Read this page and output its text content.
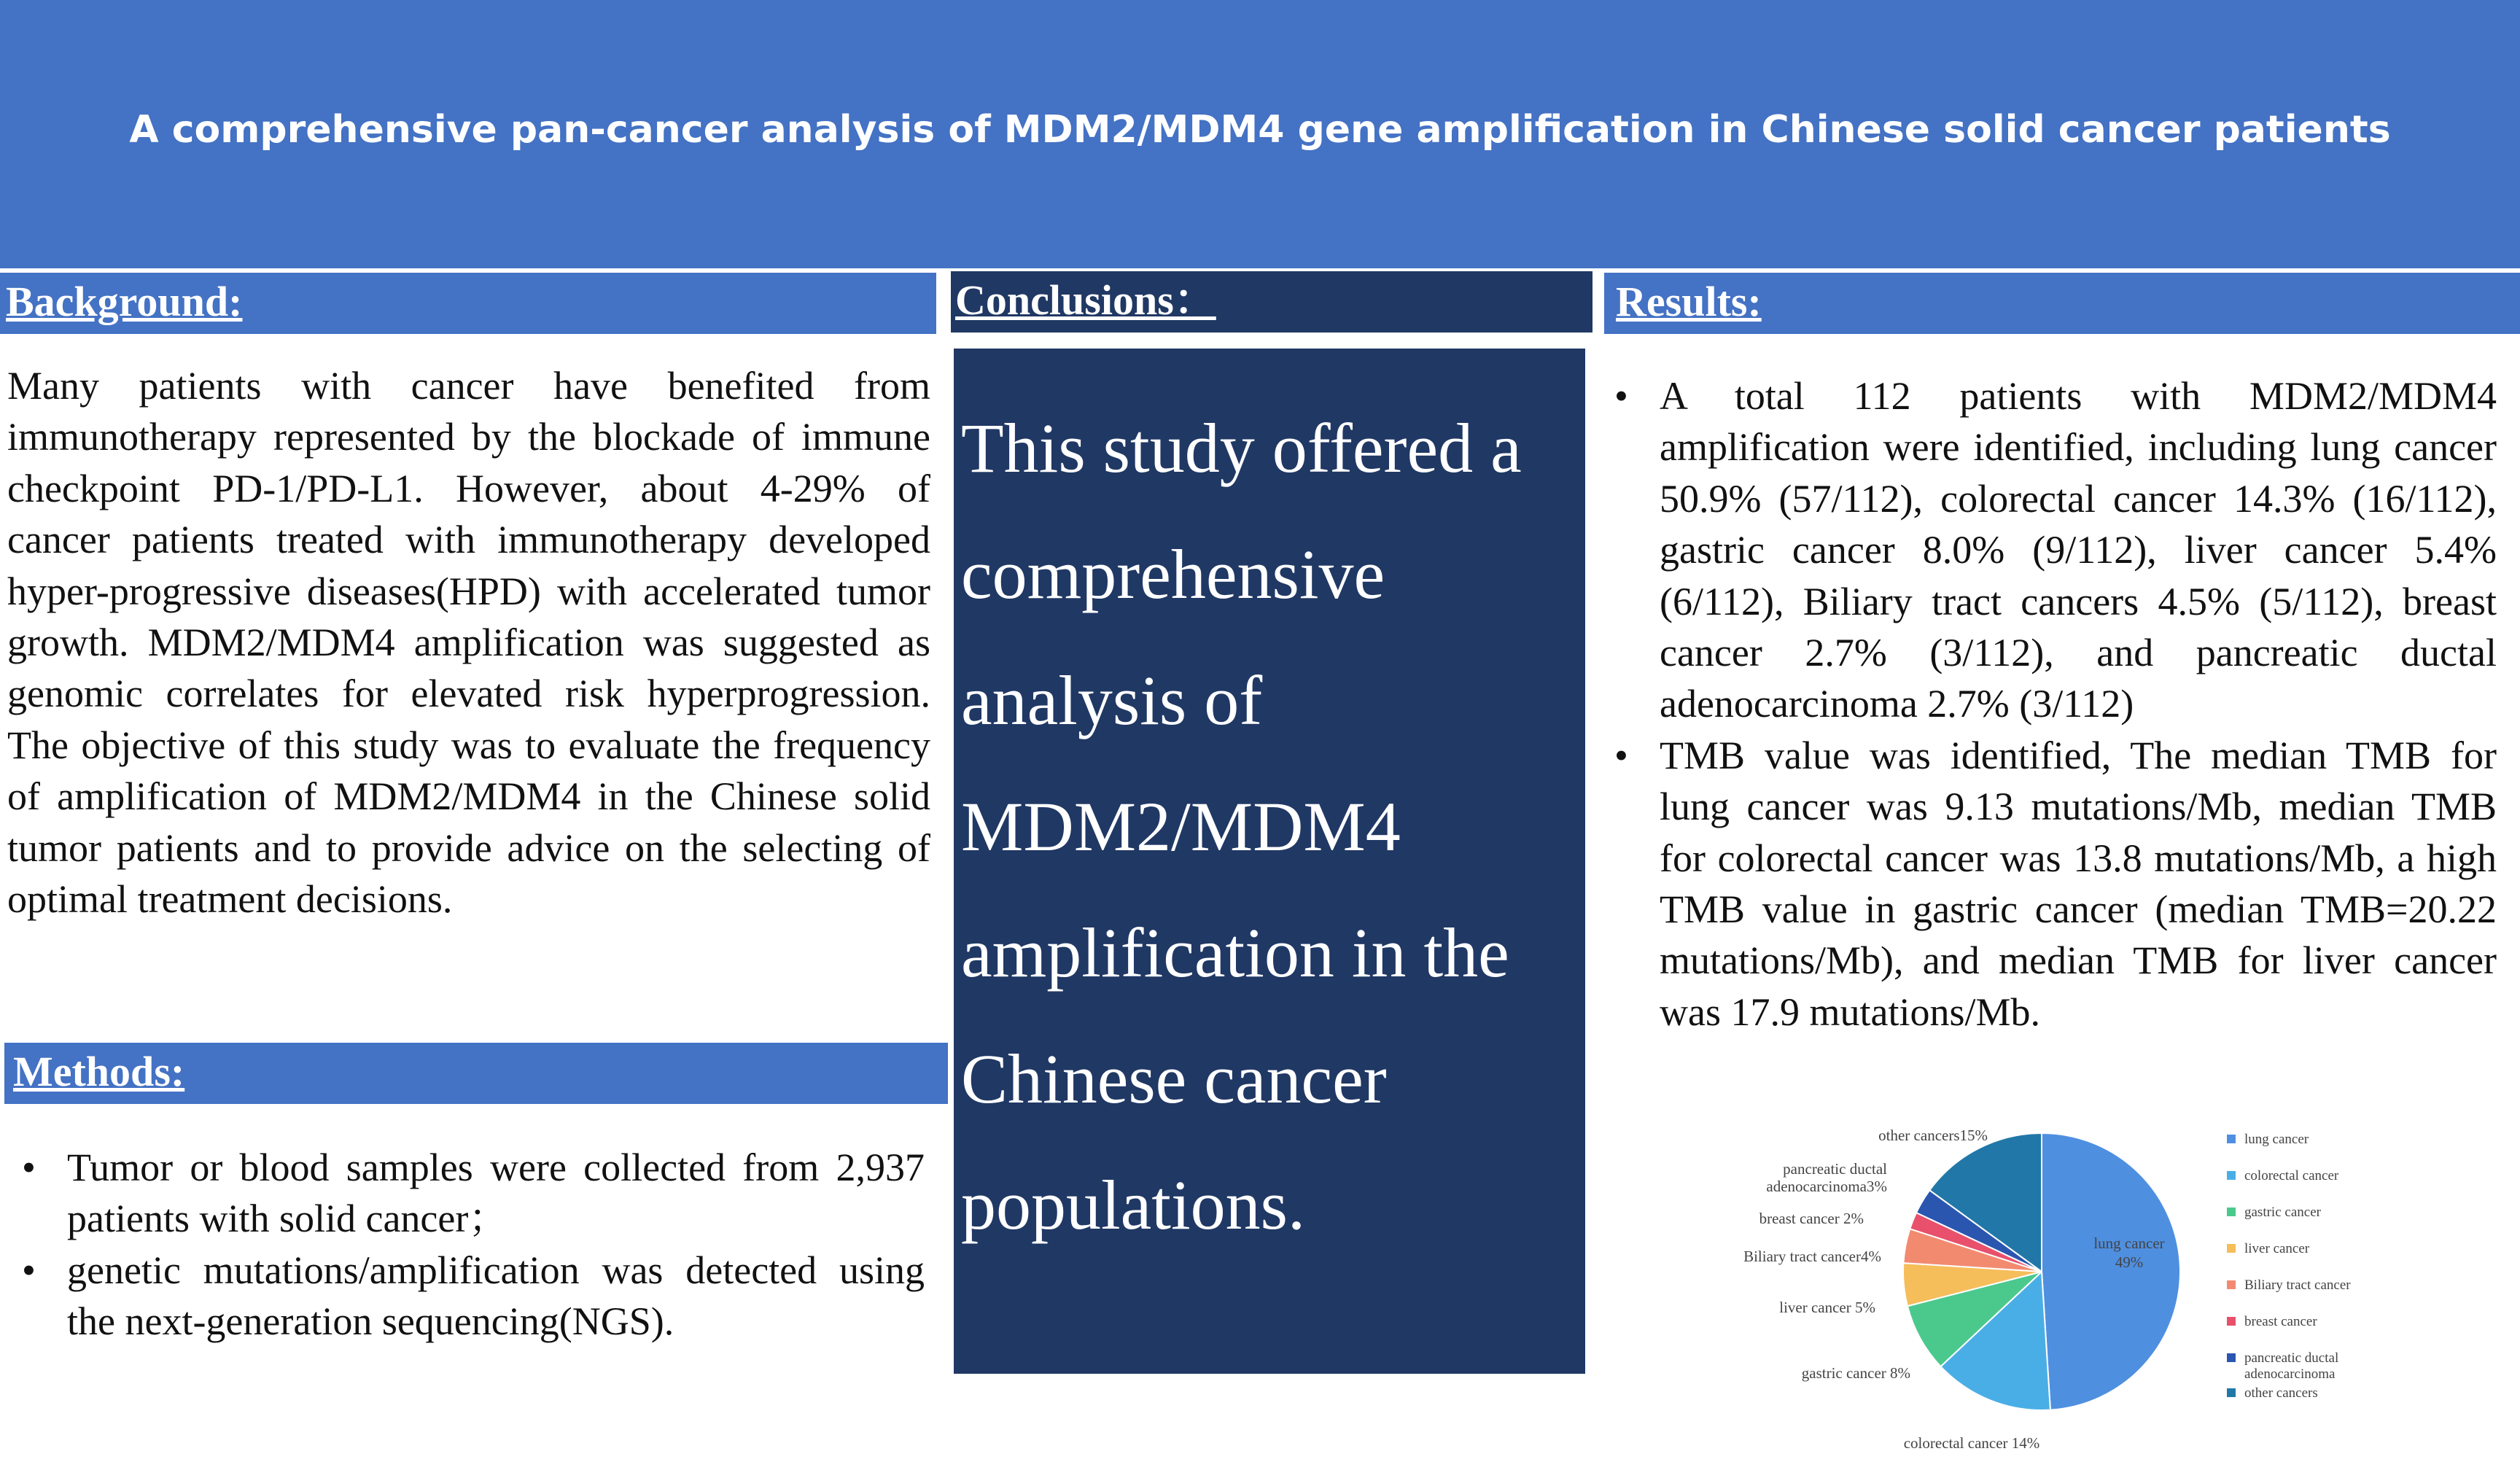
A comprehensive pan-cancer analysis of MDM2/MDM4 gene amplification in Chinese solid cancer patients
Background:
Many patients with cancer have benefited from immunotherapy represented by the blockade of immune checkpoint PD-1/PD-L1. However, about 4-29% of cancer patients treated with immunotherapy developed hyper-progressive diseases(HPD) with accelerated tumor growth. MDM2/MDM4 amplification was suggested as genomic correlates for elevated risk hyperprogression. The objective of this study was to evaluate the frequency of amplification of MDM2/MDM4 in the Chinese solid tumor patients and to provide advice on the selecting of optimal treatment decisions.
Methods:
• Tumor or blood samples were collected from 2,937 patients with solid cancer；
• genetic mutations/amplification was detected using the next-generation sequencing(NGS).
Conclusions：
This study offered a comprehensive analysis of MDM2/MDM4 amplification in the Chinese cancer populations.
Results:
• A total 112 patients with MDM2/MDM4 amplification were identified, including lung cancer 50.9% (57/112), colorectal cancer 14.3% (16/112), gastric cancer 8.0% (9/112), liver cancer 5.4% (6/112), Biliary tract cancers 4.5% (5/112), breast cancer 2.7% (3/112), and pancreatic ductal adenocarcinoma 2.7% (3/112)
• TMB value was identified, The median TMB for lung cancer was 9.13 mutations/Mb, median TMB for colorectal cancer was 13.8 mutations/Mb, a high TMB value in gastric cancer (median TMB=20.22 mutations/Mb), and median TMB for liver cancer was 17.9 mutations/Mb.
lung cancer
49%
colorectal cancer 14%
gastric cancer 8%
liver cancer 5%
Biliary tract cancer4%
breast cancer 2%
pancreatic ductal adenocarcinoma3%
other cancers15%	lung cancer
colorectal cancer
gastric cancer
liver cancer
Biliary tract cancer
breast cancer
pancreatic ductal adenocarcinoma
other cancers
